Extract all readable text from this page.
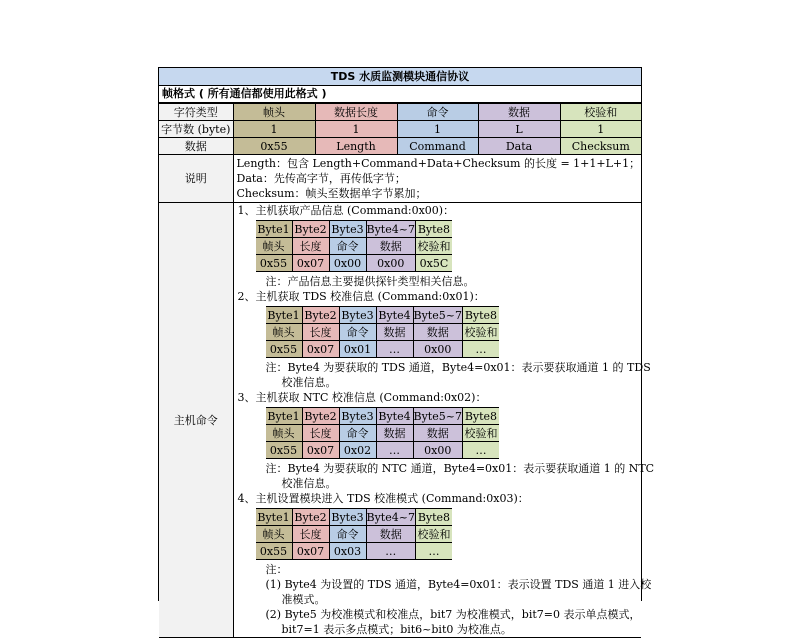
TDS 水质监测模块通信协议
帧格式 ( 所有通信都使用此格式 )
字符类型	帧头	数据长度	命令	数据	校验和
字节数 (byte)	1	1	1	L	1
数据	0x55	Length	Command	Data	Checksum
说明	
Length：包含 Length+Command+Data+Checksum 的长度 = 1+1+L+1；
Data：先传高字节，再传低字节；
Checksum：帧头至数据单字节累加；

主机命令	
1、主机获取产品信息 (Command:0x00)：
Byte1	Byte2	Byte3	Byte4~7	Byte8
帧头	长度	命令	数据	校验和
0x55	0x07	0x00	0x00	0x5C
注：产品信息主要提供探针类型相关信息。
2、主机获取 TDS 校准信息 (Command:0x01)：
Byte1	Byte2	Byte3	Byte4	Byte5~7	Byte8
帧头	长度	命令	数据	数据	校验和
0x55	0x07	0x01	…	0x00	…
注：Byte4 为要获取的 TDS 通道，Byte4=0x01：表示要获取通道 1 的 TDS
校准信息。
3、主机获取 NTC 校准信息 (Command:0x02)：
Byte1	Byte2	Byte3	Byte4	Byte5~7	Byte8
帧头	长度	命令	数据	数据	校验和
0x55	0x07	0x02	…	0x00	…
注：Byte4 为要获取的 NTC 通道，Byte4=0x01：表示要获取通道 1 的 NTC
校准信息。
4、主机设置模块进入 TDS 校准模式 (Command:0x03)：
Byte1	Byte2	Byte3	Byte4~7	Byte8
帧头	长度	命令	数据	校验和
0x55	0x07	0x03	…	…
注：
(1) Byte4 为设置的 TDS 通道，Byte4=0x01：表示设置 TDS 通道 1 进入校
准模式。
(2) Byte5 为校准模式和校准点，bit7 为校准模式，bit7=0 表示单点模式，
bit7=1 表示多点模式；bit6~bit0 为校准点。
